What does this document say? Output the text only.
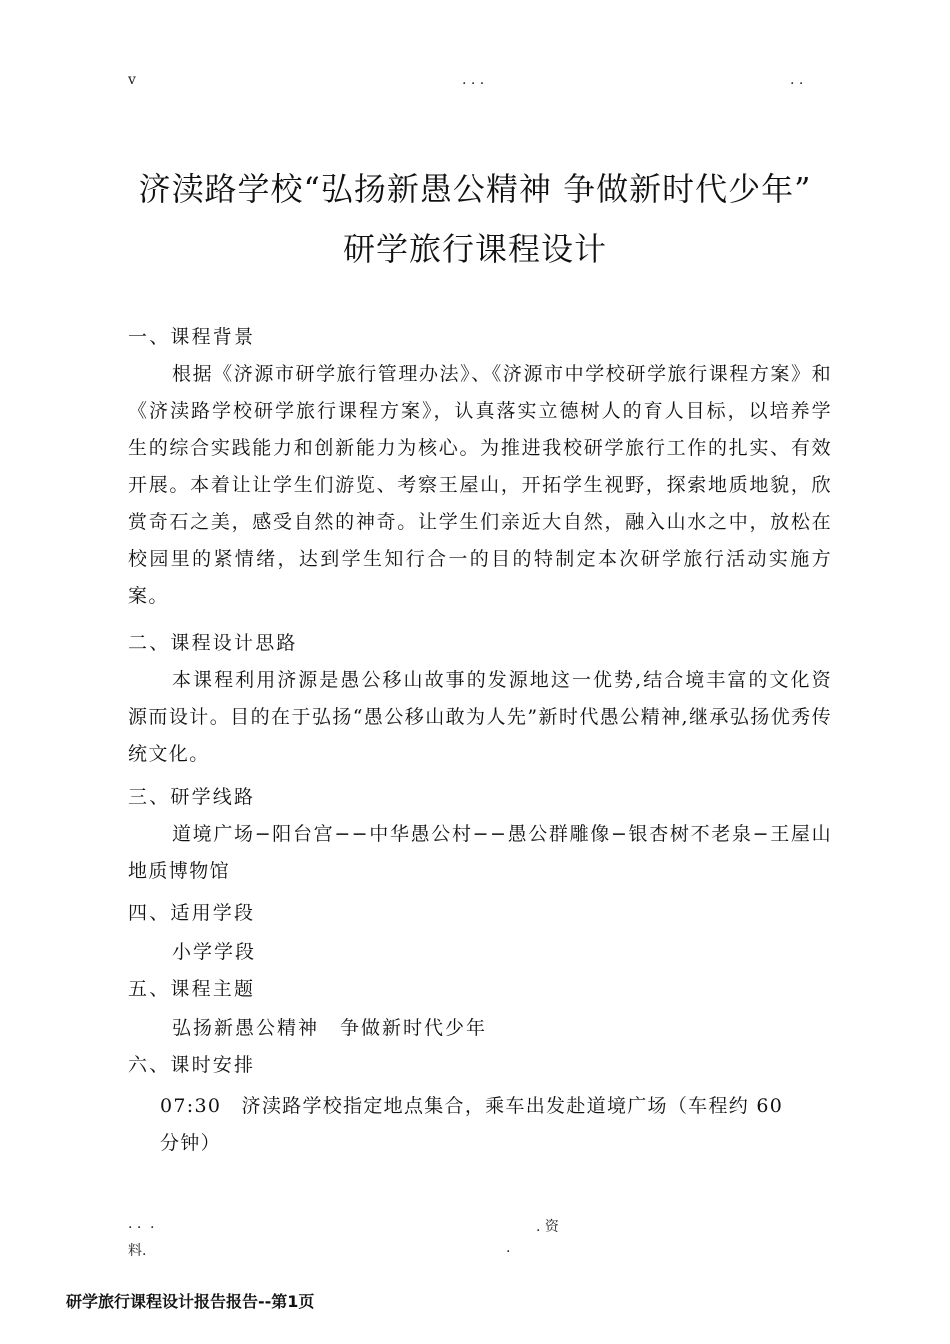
v	. . .	. .
济渎路学校“弘扬新愚公精神 争做新时代少年”
研学旅行课程设计
一、课程背景
根据《济源市研学旅行管理办法》、《济源市中学校研学旅行课程方案》和《济渎路学校研学旅行课程方案》，认真落实立德树人的育人目标，以培养学生的综合实践能力和创新能力为核心。为推进我校研学旅行工作的扎实、有效开展。本着让让学生们游览、考察王屋山，开拓学生视野，探索地质地貌，欣赏奇石之美，感受自然的神奇。让学生们亲近大自然，融入山水之中，放松在校园里的紧情绪，达到学生知行合一的目的特制定本次研学旅行活动实施方案。
二、课程设计思路
本课程利用济源是愚公移山故事的发源地这一优势,结合境丰富的文化资源而设计。目的在于弘扬“愚公移山敢为人先”新时代愚公精神,继承弘扬优秀传统文化。
三、研学线路
道境广场−阳台宫−−中华愚公村−−愚公群雕像−银杏树不老泉−王屋山地质博物馆
四、适用学段
小学学段
五、课程主题
弘扬新愚公精神　争做新时代少年
六、课时安排
07:30　济渎路学校指定地点集合，乘车出发赴道境广场（车程约 60
分钟）
. . .	. 资
料.	.
研学旅行课程设计报告报告--第1页
